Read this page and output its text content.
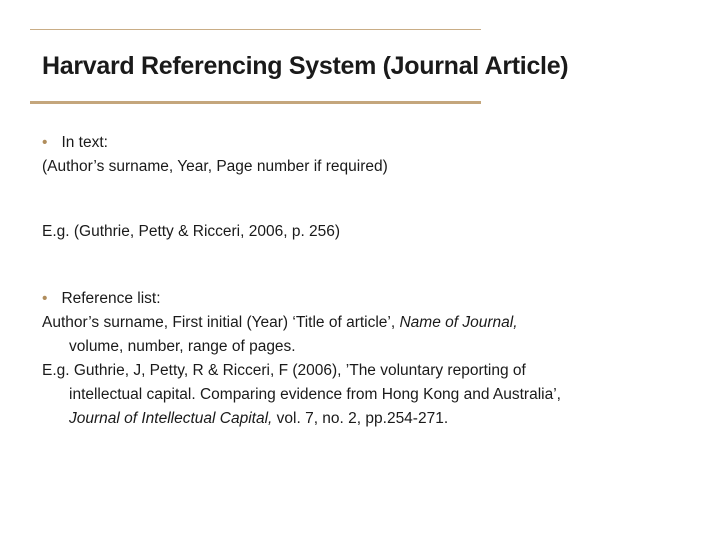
Harvard Referencing System (Journal Article)
• In text:
(Author’s surname, Year, Page number if required)
E.g. (Guthrie, Petty & Ricceri, 2006, p. 256)
• Reference list:
Author’s surname, First initial (Year) ‘Title of article’, Name of Journal,
volume, number, range of pages.
E.g. Guthrie, J, Petty, R & Ricceri, F (2006), ’The voluntary reporting of
intellectual capital. Comparing evidence from Hong Kong and Australia’,
Journal of Intellectual Capital, vol. 7, no. 2, pp.254-271.
